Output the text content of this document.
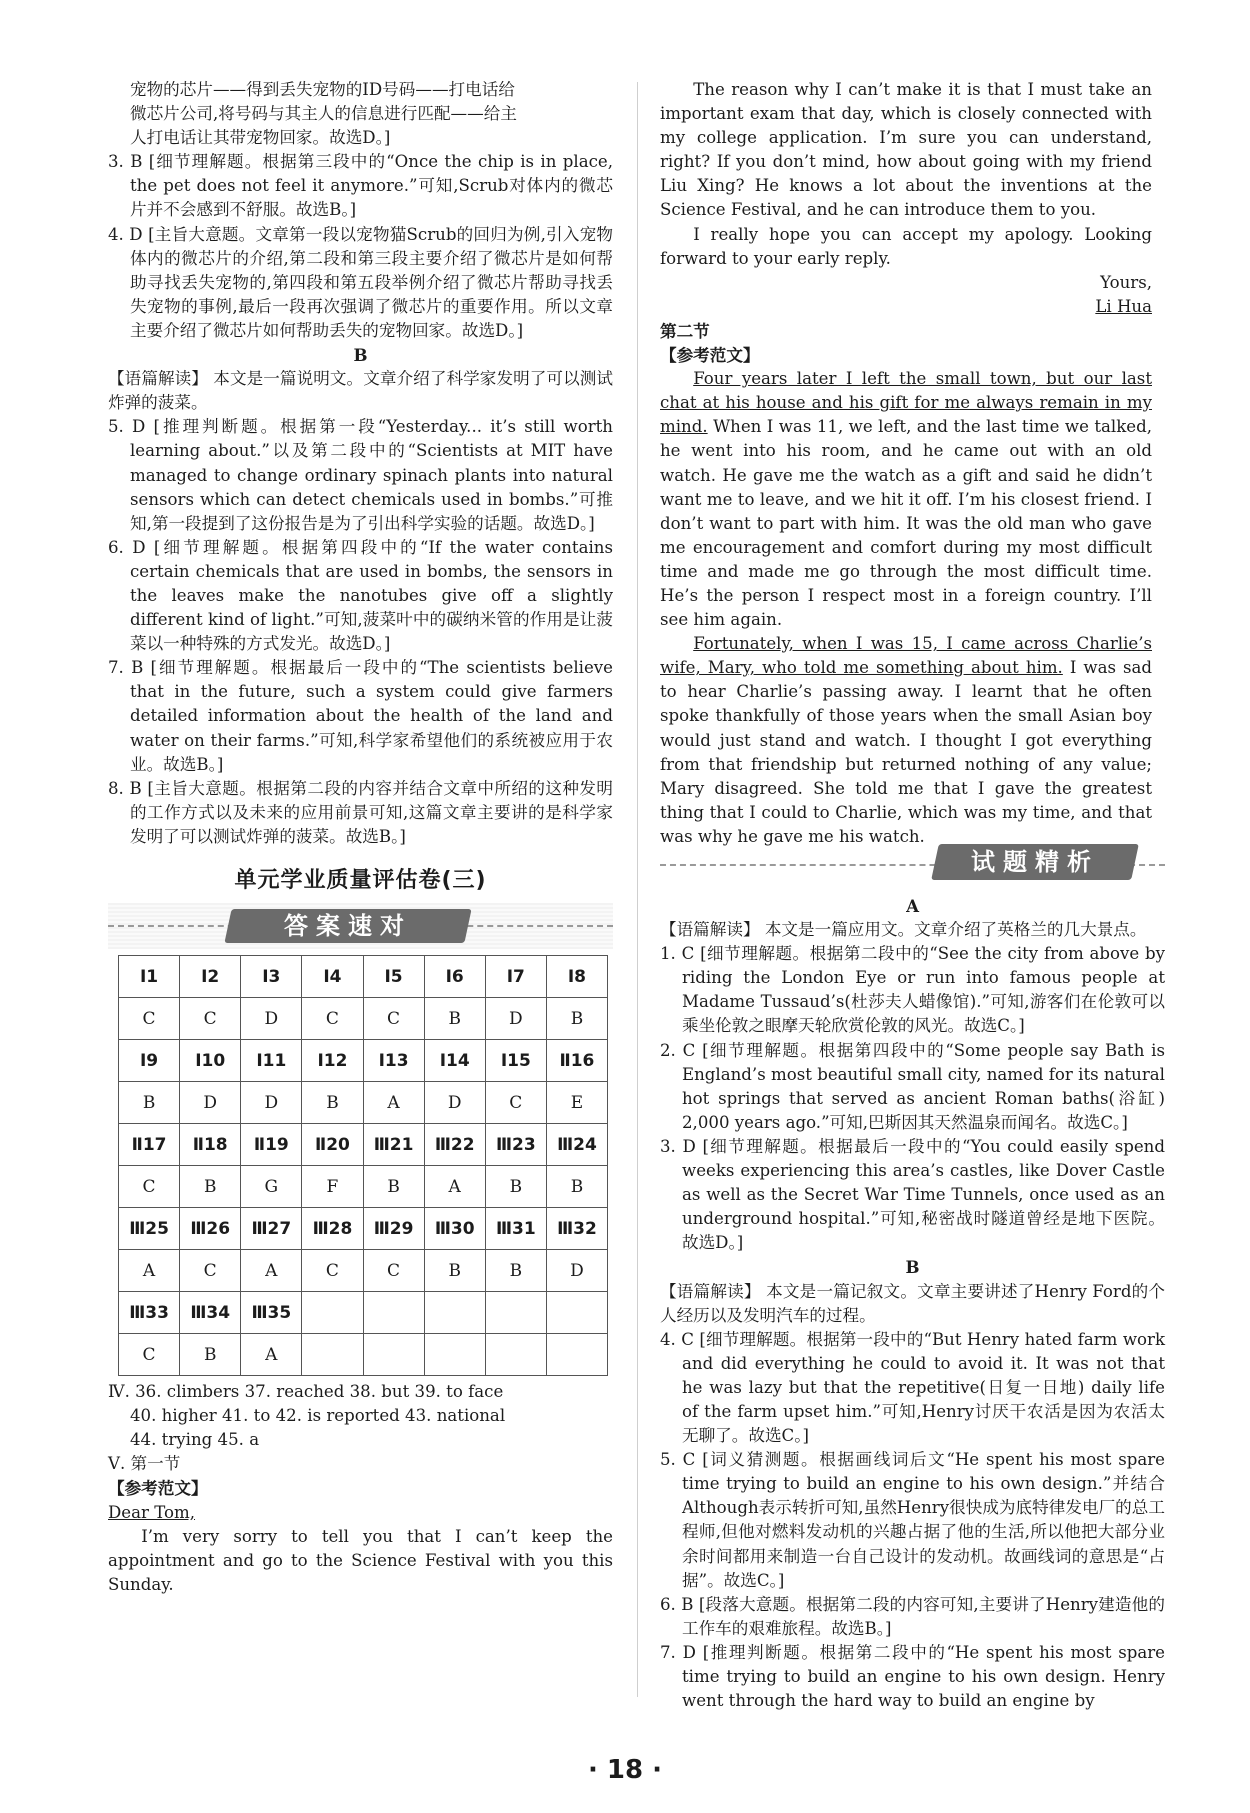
宠物的芯片——得到丢失宠物的ID号码——打电话给

微芯片公司,将号码与其主人的信息进行匹配——给主

人打电话让其带宠物回家。故选D。]

3. B [细节理解题。根据第三段中的“Once the chip is in place, the pet does not feel it anymore.”可知,Scrub对体内的微芯片并不会感到不舒服。故选B。]

4. D [主旨大意题。文章第一段以宠物猫Scrub的回归为例,引入宠物体内的微芯片的介绍,第二段和第三段主要介绍了微芯片是如何帮助寻找丢失宠物的,第四段和第五段举例介绍了微芯片帮助寻找丢失宠物的事例,最后一段再次强调了微芯片的重要作用。所以文章主要介绍了微芯片如何帮助丢失的宠物回家。故选D。]

B

【语篇解读】 本文是一篇说明文。文章介绍了科学家发明了可以测试炸弹的菠菜。

5. D [推理判断题。根据第一段“Yesterday... it’s still worth learning about.”以及第二段中的“Scientists at MIT have managed to change ordinary spinach plants into natural sensors which can detect chemicals used in bombs.”可推知,第一段提到了这份报告是为了引出科学实验的话题。故选D。]

6. D [细节理解题。根据第四段中的“If the water contains certain chemicals that are used in bombs, the sensors in the leaves make the nanotubes give off a slightly different kind of light.”可知,菠菜叶中的碳纳米管的作用是让菠菜以一种特殊的方式发光。故选D。]

7. B [细节理解题。根据最后一段中的“The scientists believe that in the future, such a system could give farmers detailed information about the health of the land and water on their farms.”可知,科学家希望他们的系统被应用于农业。故选B。]

8. B [主旨大意题。根据第二段的内容并结合文章中所绍的这种发明的工作方式以及未来的应用前景可知,这篇文章主要讲的是科学家发明了可以测试炸弹的菠菜。故选B。]

单元学业质量评估卷(三)
答案速对
Ⅰ1	Ⅰ2	Ⅰ3	Ⅰ4	Ⅰ5	Ⅰ6	Ⅰ7	Ⅰ8
C	C	D	C	C	B	D	B
Ⅰ9	Ⅰ10	Ⅰ11	Ⅰ12	Ⅰ13	Ⅰ14	Ⅰ15	Ⅱ16
B	D	D	B	A	D	C	E
Ⅱ17	Ⅱ18	Ⅱ19	Ⅱ20	Ⅲ21	Ⅲ22	Ⅲ23	Ⅲ24
C	B	G	F	B	A	B	B
Ⅲ25	Ⅲ26	Ⅲ27	Ⅲ28	Ⅲ29	Ⅲ30	Ⅲ31	Ⅲ32
A	C	A	C	C	B	B	D
Ⅲ33	Ⅲ34	Ⅲ35					
C	B	A					

Ⅳ. 36. climbers 37. reached 38. but 39. to face

40. higher 41. to 42. is reported 43. national

44. trying 45. a

Ⅴ. 第一节

【参考范文】

Dear Tom,

I’m very sorry to tell you that I can’t keep the appointment and go to the Science Festival with you this Sunday.

The reason why I can’t make it is that I must take an important exam that day, which is closely connected with my college application. I’m sure you can understand, right? If you don’t mind, how about going with my friend Liu Xing? He knows a lot about the inventions at the Science Festival, and he can introduce them to you.

I really hope you can accept my apology. Looking forward to your early reply.

Yours,

Li Hua

第二节

【参考范文】

Four years later I left the small town, but our last chat at his house and his gift for me always remain in my mind. When I was 11, we left, and the last time we talked, he went into his room, and he came out with an old watch. He gave me the watch as a gift and said he didn’t want me to leave, and we hit it off. I’m his closest friend. I don’t want to part with him. It was the old man who gave me encouragement and comfort during my most difficult time and made me go through the most difficult time. He’s the person I respect most in a foreign country. I’ll see him again.

Fortunately, when I was 15, I came across Charlie’s wife, Mary, who told me something about him. I was sad to hear Charlie’s passing away. I learnt that he often spoke thankfully of those years when the small Asian boy would just stand and watch. I thought I got everything from that friendship but returned nothing of any value; Mary disagreed. She told me that I gave the greatest thing that I could to Charlie, which was my time, and that was why he gave me his watch.

试题精析

A

【语篇解读】 本文是一篇应用文。文章介绍了英格兰的几大景点。

1. C [细节理解题。根据第二段中的“See the city from above by riding the London Eye or run into famous people at Madame Tussaud’s(杜莎夫人蜡像馆).”可知,游客们在伦敦可以乘坐伦敦之眼摩天轮欣赏伦敦的风光。故选C。]

2. C [细节理解题。根据第四段中的“Some people say Bath is England’s most beautiful small city, named for its natural hot springs that served as ancient Roman baths(浴缸) 2,000 years ago.”可知,巴斯因其天然温泉而闻名。故选C。]

3. D [细节理解题。根据最后一段中的“You could easily spend weeks experiencing this area’s castles, like Dover Castle as well as the Secret War Time Tunnels, once used as an underground hospital.”可知,秘密战时隧道曾经是地下医院。故选D。]

B

【语篇解读】 本文是一篇记叙文。文章主要讲述了Henry Ford的个人经历以及发明汽车的过程。

4. C [细节理解题。根据第一段中的“But Henry hated farm work and did everything he could to avoid it. It was not that he was lazy but that the repetitive(日复一日地) daily life of the farm upset him.”可知,Henry讨厌干农活是因为农活太无聊了。故选C。]

5. C [词义猜测题。根据画线词后文“He spent his most spare time trying to build an engine to his own design.”并结合Although表示转折可知,虽然Henry很快成为底特律发电厂的总工程师,但他对燃料发动机的兴趣占据了他的生活,所以他把大部分业余时间都用来制造一台自己设计的发动机。故画线词的意思是“占据”。故选C。]

6. B [段落大意题。根据第二段的内容可知,主要讲了Henry建造他的工作车的艰难旅程。故选B。]

7. D [推理判断题。根据第二段中的“He spent his most spare time trying to build an engine to his own design. Henry went through the hard way to build an engine by

· 18 ·
